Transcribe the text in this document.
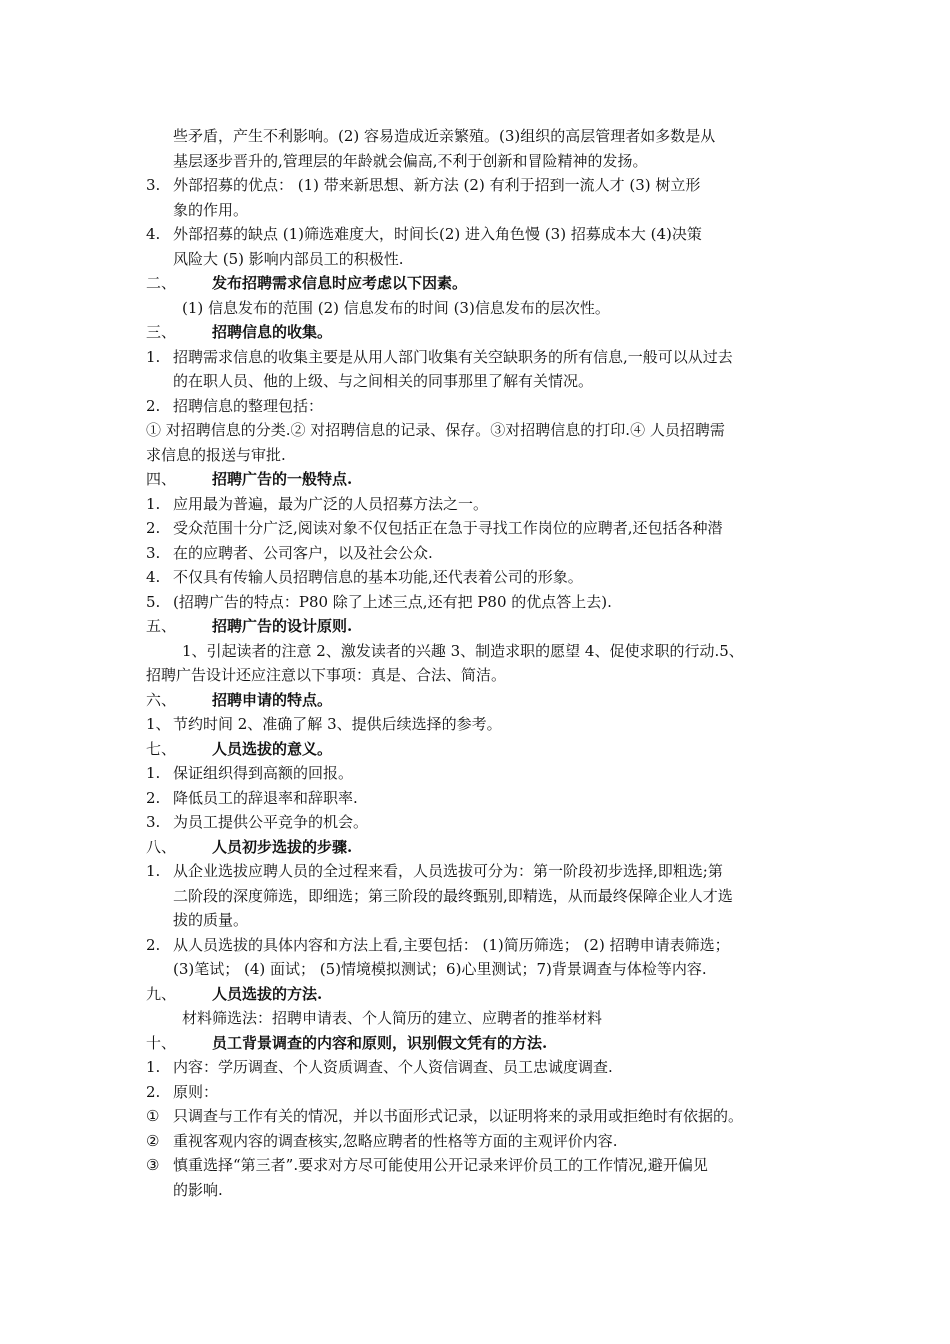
些矛盾，产生不利影响。(2) 容易造成近亲繁殖。(3)组织的高层管理者如多数是从
基层逐步晋升的,管理层的年龄就会偏高,不利于创新和冒险精神的发扬。
3. 外部招募的优点： (1) 带来新思想、新方法 (2) 有利于招到一流人才 (3) 树立形
象的作用。
4. 外部招募的缺点 (1)筛选难度大，时间长(2) 进入角色慢 (3) 招募成本大 (4)决策
风险大 (5) 影响内部员工的积极性.
二、 发布招聘需求信息时应考虑以下因素。
(1) 信息发布的范围 (2) 信息发布的时间 (3)信息发布的层次性。
三、 招聘信息的收集。
1. 招聘需求信息的收集主要是从用人部门收集有关空缺职务的所有信息,一般可以从过去
的在职人员、他的上级、与之间相关的同事那里了解有关情况。
2. 招聘信息的整理包括：
① 对招聘信息的分类.② 对招聘信息的记录、保存。③对招聘信息的打印.④ 人员招聘需
求信息的报送与审批.
四、 招聘广告的一般特点.
1. 应用最为普遍，最为广泛的人员招募方法之一。
2. 受众范围十分广泛,阅读对象不仅包括正在急于寻找工作岗位的应聘者,还包括各种潜
3. 在的应聘者、公司客户，以及社会公众.
4. 不仅具有传输人员招聘信息的基本功能,还代表着公司的形象。
5. (招聘广告的特点：P80 除了上述三点,还有把 P80 的优点答上去).
五、 招聘广告的设计原则.
1、引起读者的注意 2、激发读者的兴趣 3、制造求职的愿望 4、促使求职的行动.5、
招聘广告设计还应注意以下事项：真是、合法、简洁。
六、 招聘申请的特点。
1、 节约时间 2、准确了解 3、提供后续选择的参考。
七、 人员选拔的意义。
1. 保证组织得到高额的回报。
2. 降低员工的辞退率和辞职率.
3. 为员工提供公平竞争的机会。
八、 人员初步选拔的步骤.
1. 从企业选拔应聘人员的全过程来看，人员选拔可分为：第一阶段初步选择,即粗选;第
二阶段的深度筛选，即细选；第三阶段的最终甄别,即精选，从而最终保障企业人才选
拔的质量。
2. 从人员选拔的具体内容和方法上看,主要包括： (1)简历筛选； (2) 招聘申请表筛选；
(3)笔试； (4) 面试； (5)情境模拟测试；6)心里测试；7)背景调查与体检等内容.
九、 人员选拔的方法.
材料筛选法：招聘申请表、个人简历的建立、应聘者的推举材料
十、 员工背景调查的内容和原则，识别假文凭有的方法.
1. 内容：学历调查、个人资质调查、个人资信调查、员工忠诚度调查.
2. 原则：
① 只调查与工作有关的情况，并以书面形式记录，以证明将来的录用或拒绝时有依据的。
② 重视客观内容的调查核实,忽略应聘者的性格等方面的主观评价内容.
③ 慎重选择“第三者”.要求对方尽可能使用公开记录来评价员工的工作情况,避开偏见
的影响.
